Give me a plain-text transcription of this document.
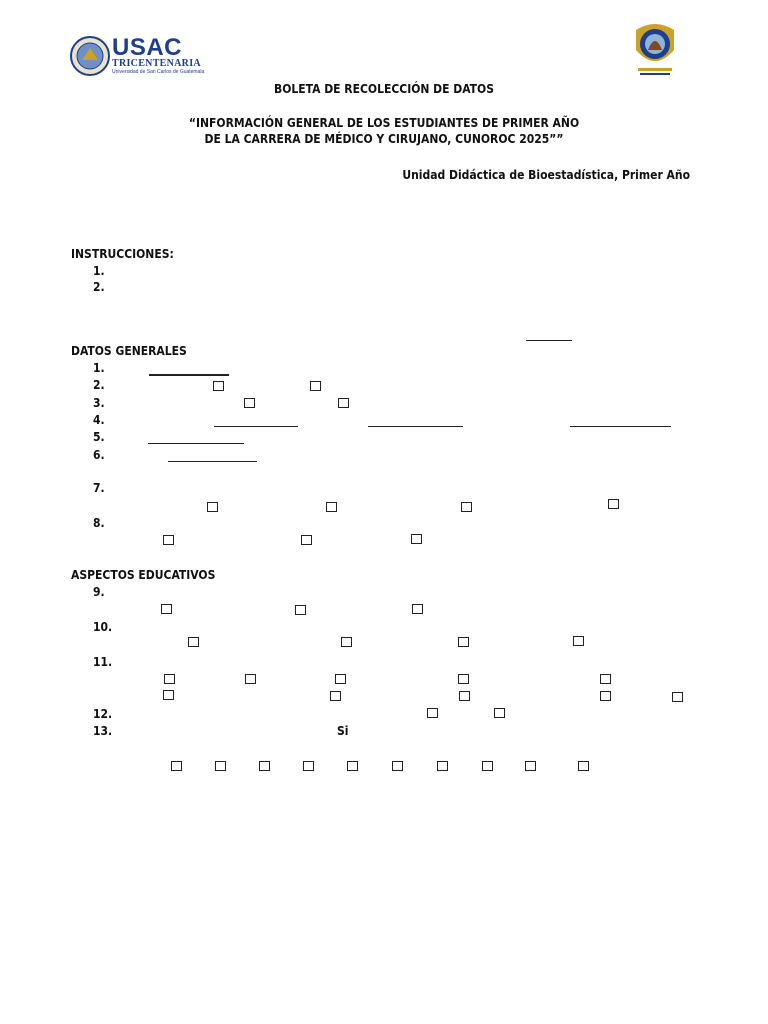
USAC
TRICENTENARIA
Universidad de San Carlos de Guatemala
BOLETA DE RECOLECCIÓN DE DATOS
“INFORMACIÓN GENERAL DE LOS ESTUDIANTES DE PRIMER AÑO
DE LA CARRERA DE MÉDICO Y CIRUJANO, CUNOROC 2025””
Unidad Didáctica de Bioestadística, Primer Año
INSTRUCCIONES:
1.
2.
DATOS GENERALES
1.
2.
3.
4.
5.
6.
7.
8.
ASPECTOS EDUCATIVOS
9.
10.
11.
12.
13.	Si
